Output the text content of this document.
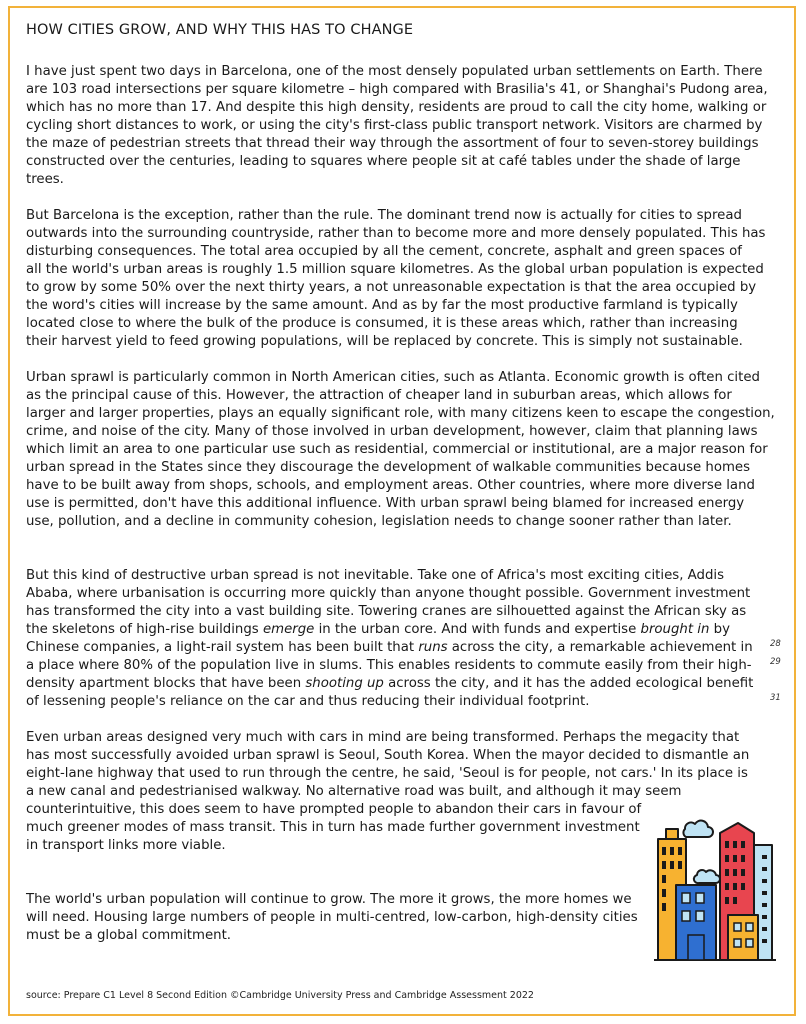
HOW CITIES GROW, AND WHY THIS HAS TO CHANGE

I have just spent two days in Barcelona, one of the most densely populated urban settlements on Earth. There
are 103 road intersections per square kilometre – high compared with Brasilia's 41, or Shanghai's Pudong area,
which has no more than 17. And despite this high density, residents are proud to call the city home, walking or
cycling short distances to work, or using the city's first-class public transport network. Visitors are charmed by
the maze of pedestrian streets that thread their way through the assortment of four to seven-storey buildings
constructed over the centuries, leading to squares where people sit at café tables under the shade of large
trees.

But Barcelona is the exception, rather than the rule. The dominant trend now is actually for cities to spread
outwards into the surrounding countryside, rather than to become more and more densely populated. This has
disturbing consequences. The total area occupied by all the cement, concrete, asphalt and green spaces of
all the world's urban areas is roughly 1.5 million square kilometres. As the global urban population is expected
to grow by some 50% over the next thirty years, a not unreasonable expectation is that the area occupied by
the word's cities will increase by the same amount. And as by far the most productive farmland is typically
located close to where the bulk of the produce is consumed, it is these areas which, rather than increasing
their harvest yield to feed growing populations, will be replaced by concrete. This is simply not sustainable.

Urban sprawl is particularly common in North American cities, such as Atlanta. Economic growth is often cited
as the principal cause of this. However, the attraction of cheaper land in suburban areas, which allows for
larger and larger properties, plays an equally significant role, with many citizens keen to escape the congestion,
crime, and noise of the city. Many of those involved in urban development, however, claim that planning laws
which limit an area to one particular use such as residential, commercial or institutional, are a major reason for
urban spread in the States since they discourage the development of walkable communities because homes
have to be built away from shops, schools, and employment areas. Other countries, where more diverse land
use is permitted, don't have this additional influence. With urban sprawl being blamed for increased energy
use, pollution, and a decline in community cohesion, legislation needs to change sooner rather than later.

But this kind of destructive urban spread is not inevitable. Take one of Africa's most exciting cities, Addis
Ababa, where urbanisation is occurring more quickly than anyone thought possible. Government investment
has transformed the city into a vast building site. Towering cranes are silhouetted against the African sky as
the skeletons of high-rise buildings emerge in the urban core. And with funds and expertise brought in by
Chinese companies, a light-rail system has been built that runs across the city, a remarkable achievement in
a place where 80% of the population live in slums. This enables residents to commute easily from their high-
density apartment blocks that have been shooting up across the city, and it has the added ecological benefit
of lessening people's reliance on the car and thus reducing their individual footprint.

28
29
31

Even urban areas designed very much with cars in mind are being transformed. Perhaps the megacity that
has most successfully avoided urban sprawl is Seoul, South Korea. When the mayor decided to dismantle an
eight-lane highway that used to run through the centre, he said, 'Seoul is for people, not cars.' In its place is
a new canal and pedestrianised walkway. No alternative road was built, and although it may seem
counterintuitive, this does seem to have prompted people to abandon their cars in favour of
much greener modes of mass transit. This in turn has made further government investment
in transport links more viable.

The world's urban population will continue to grow. The more it grows, the more homes we
will need. Housing large numbers of people in multi-centred, low-carbon, high-density cities
must be a global commitment.

source: Prepare C1 Level 8 Second Edition ©Cambridge University Press and Cambridge Assessment 2022
